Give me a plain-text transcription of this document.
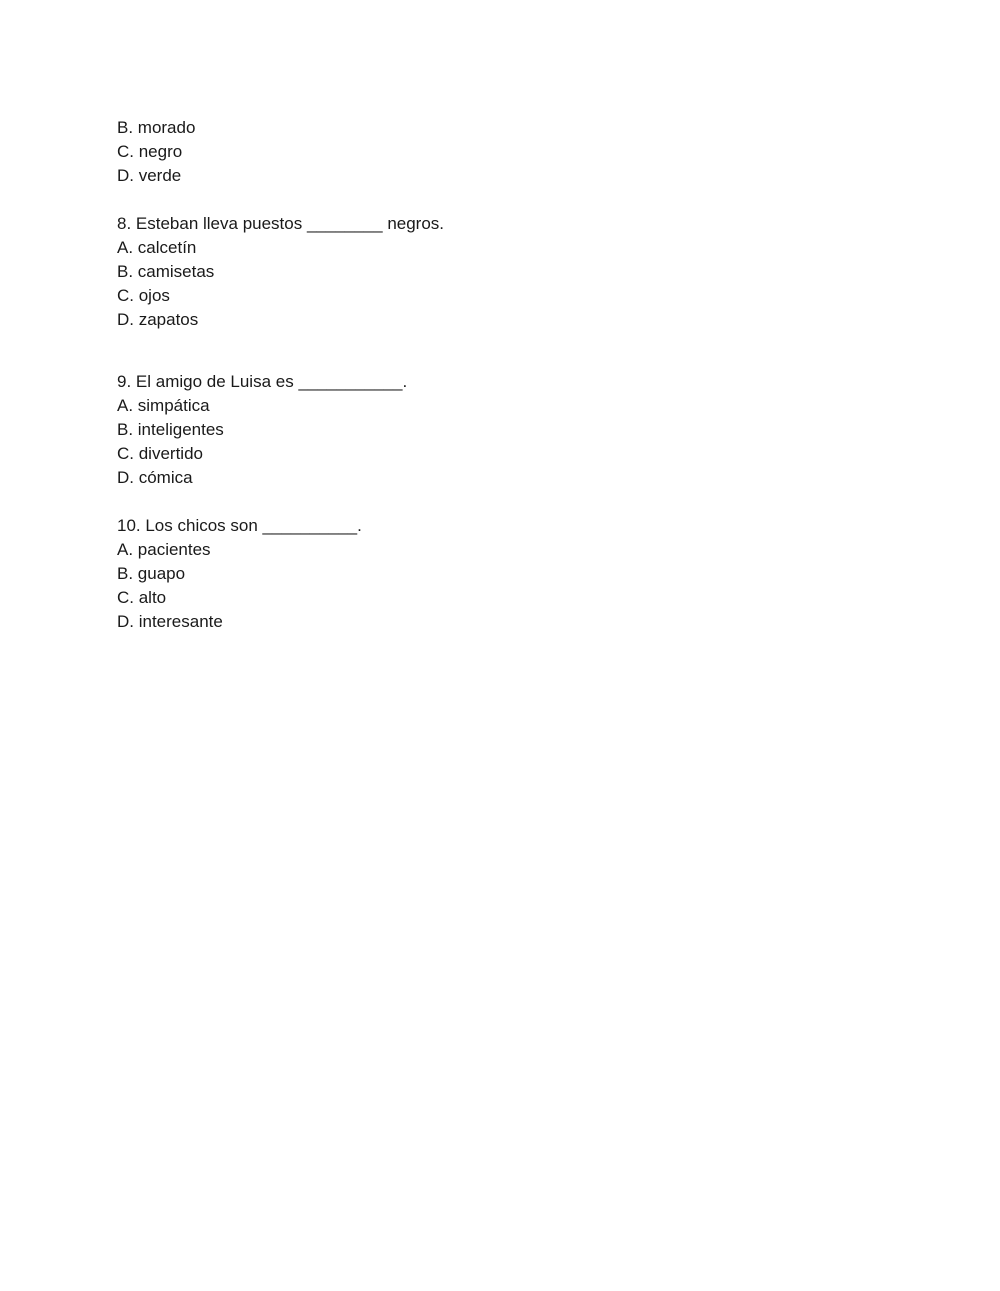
B. morado
C. negro
D. verde
8. Esteban lleva puestos ________ negros.
A. calcetín
B. camisetas
C. ojos
D. zapatos
9. El amigo de Luisa es ___________.
A. simpática
B. inteligentes
C. divertido
D. cómica
10. Los chicos son __________.
A. pacientes
B. guapo
C. alto
D. interesante
